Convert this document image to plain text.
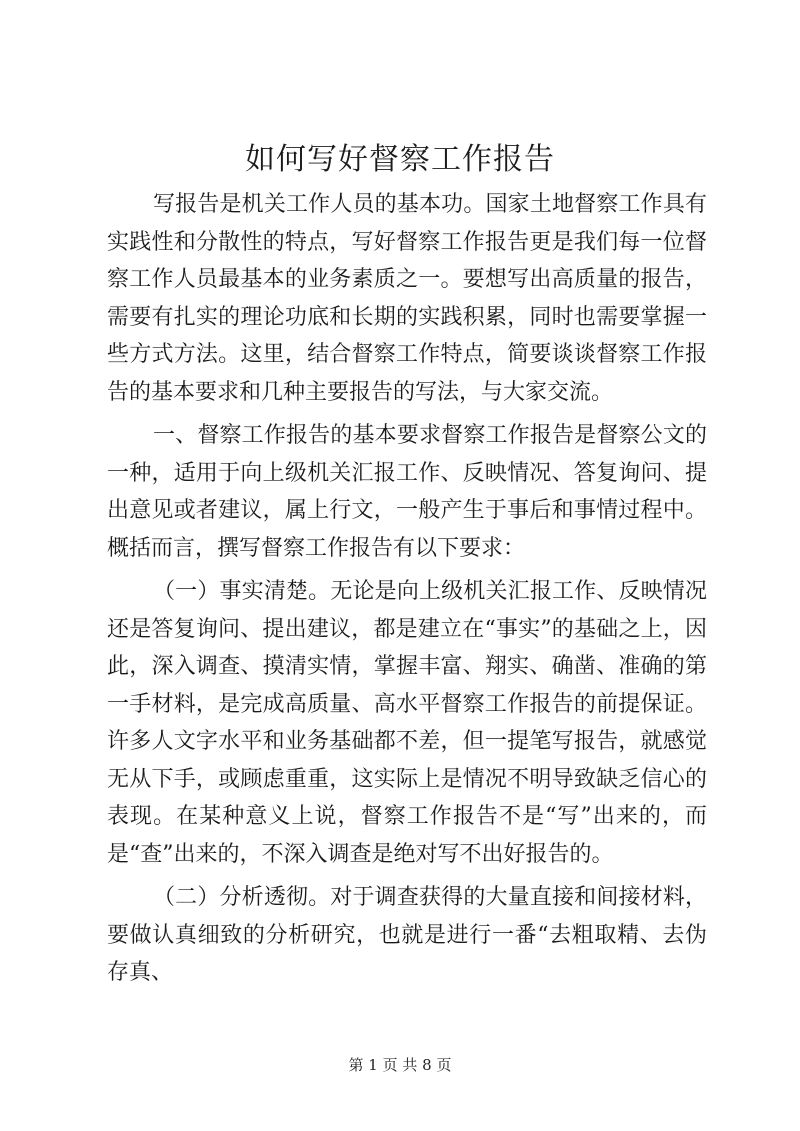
如何写好督察工作报告

写报告是机关工作人员的基本功。国家土地督察工作具有实践性和分散性的特点，写好督察工作报告更是我们每一位督察工作人员最基本的业务素质之一。要想写出高质量的报告，需要有扎实的理论功底和长期的实践积累，同时也需要掌握一些方式方法。这里，结合督察工作特点，简要谈谈督察工作报告的基本要求和几种主要报告的写法，与大家交流。

一、督察工作报告的基本要求督察工作报告是督察公文的一种，适用于向上级机关汇报工作、反映情况、答复询问、提出意见或者建议，属上行文，一般产生于事后和事情过程中。概括而言，撰写督察工作报告有以下要求：

（一）事实清楚。无论是向上级机关汇报工作、反映情况还是答复询问、提出建议，都是建立在“事实”的基础之上，因此，深入调查、摸清实情，掌握丰富、翔实、确凿、准确的第一手材料，是完成高质量、高水平督察工作报告的前提保证。许多人文字水平和业务基础都不差，但一提笔写报告，就感觉无从下手，或顾虑重重，这实际上是情况不明导致缺乏信心的表现。在某种意义上说，督察工作报告不是“写”出来的，而是“查”出来的，不深入调查是绝对写不出好报告的。

（二）分析透彻。对于调查获得的大量直接和间接材料，要做认真细致的分析研究，也就是进行一番“去粗取精、去伪存真、

第 1 页 共 8 页
